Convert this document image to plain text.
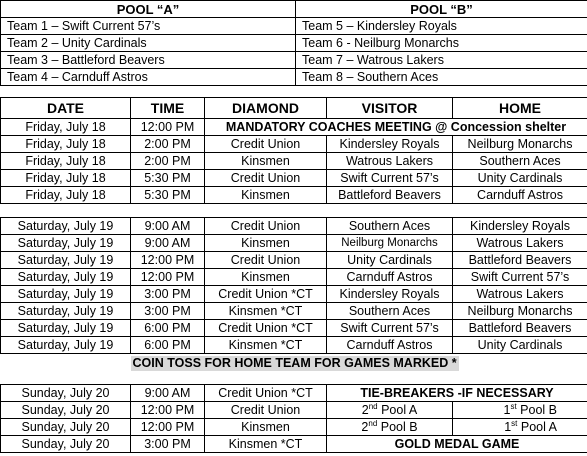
POOL “A”	POOL “B”
Team 1 – Swift Current 57’s	Team 5 – Kindersley Royals
Team 2 – Unity Cardinals	Team 6 - Neilburg Monarchs
Team 3 – Battleford Beavers	Team 7 – Watrous Lakers
Team 4 – Carnduff Astros	Team 8 – Southern Aces
DATE	TIME	DIAMOND	VISITOR	HOME
Friday, July 18	12:00 PM	MANDATORY COACHES MEETING @ Concession shelter		
Friday, July 18	2:00 PM	Credit Union	Kindersley Royals	Neilburg Monarchs
Friday, July 18	2:00 PM	Kinsmen	Watrous Lakers	Southern Aces
Friday, July 18	5:30 PM	Credit Union	Swift Current 57’s	Unity Cardinals
Friday, July 18	5:30 PM	Kinsmen	Battleford Beavers	Carnduff Astros

Saturday, July 19	9:00 AM	Credit Union	Southern Aces	Kindersley Royals
Saturday, July 19	9:00 AM	Kinsmen	Neilburg Monarchs	Watrous Lakers
Saturday, July 19	12:00 PM	Credit Union	Unity Cardinals	Battleford Beavers
Saturday, July 19	12:00 PM	Kinsmen	Carnduff Astros	Swift Current 57’s
Saturday, July 19	3:00 PM	Credit Union *CT	Kindersley Royals	Watrous Lakers
Saturday, July 19	3:00 PM	Kinsmen *CT	Southern Aces	Neilburg Monarchs
Saturday, July 19	6:00 PM	Credit Union *CT	Swift Current 57’s	Battleford Beavers
Saturday, July 19	6:00 PM	Kinsmen *CT	Carnduff Astros	Unity Cardinals
COIN TOSS FOR HOME TEAM FOR GAMES MARKED *				

Sunday, July 20	9:00 AM	Credit Union *CT	TIE-BREAKERS -IF NECESSARY	
Sunday, July 20	12:00 PM	Credit Union	2nd Pool A	1st Pool B
Sunday, July 20	12:00 PM	Kinsmen	2nd Pool B	1st Pool A
Sunday, July 20	3:00 PM	Kinsmen *CT	GOLD MEDAL GAME	
